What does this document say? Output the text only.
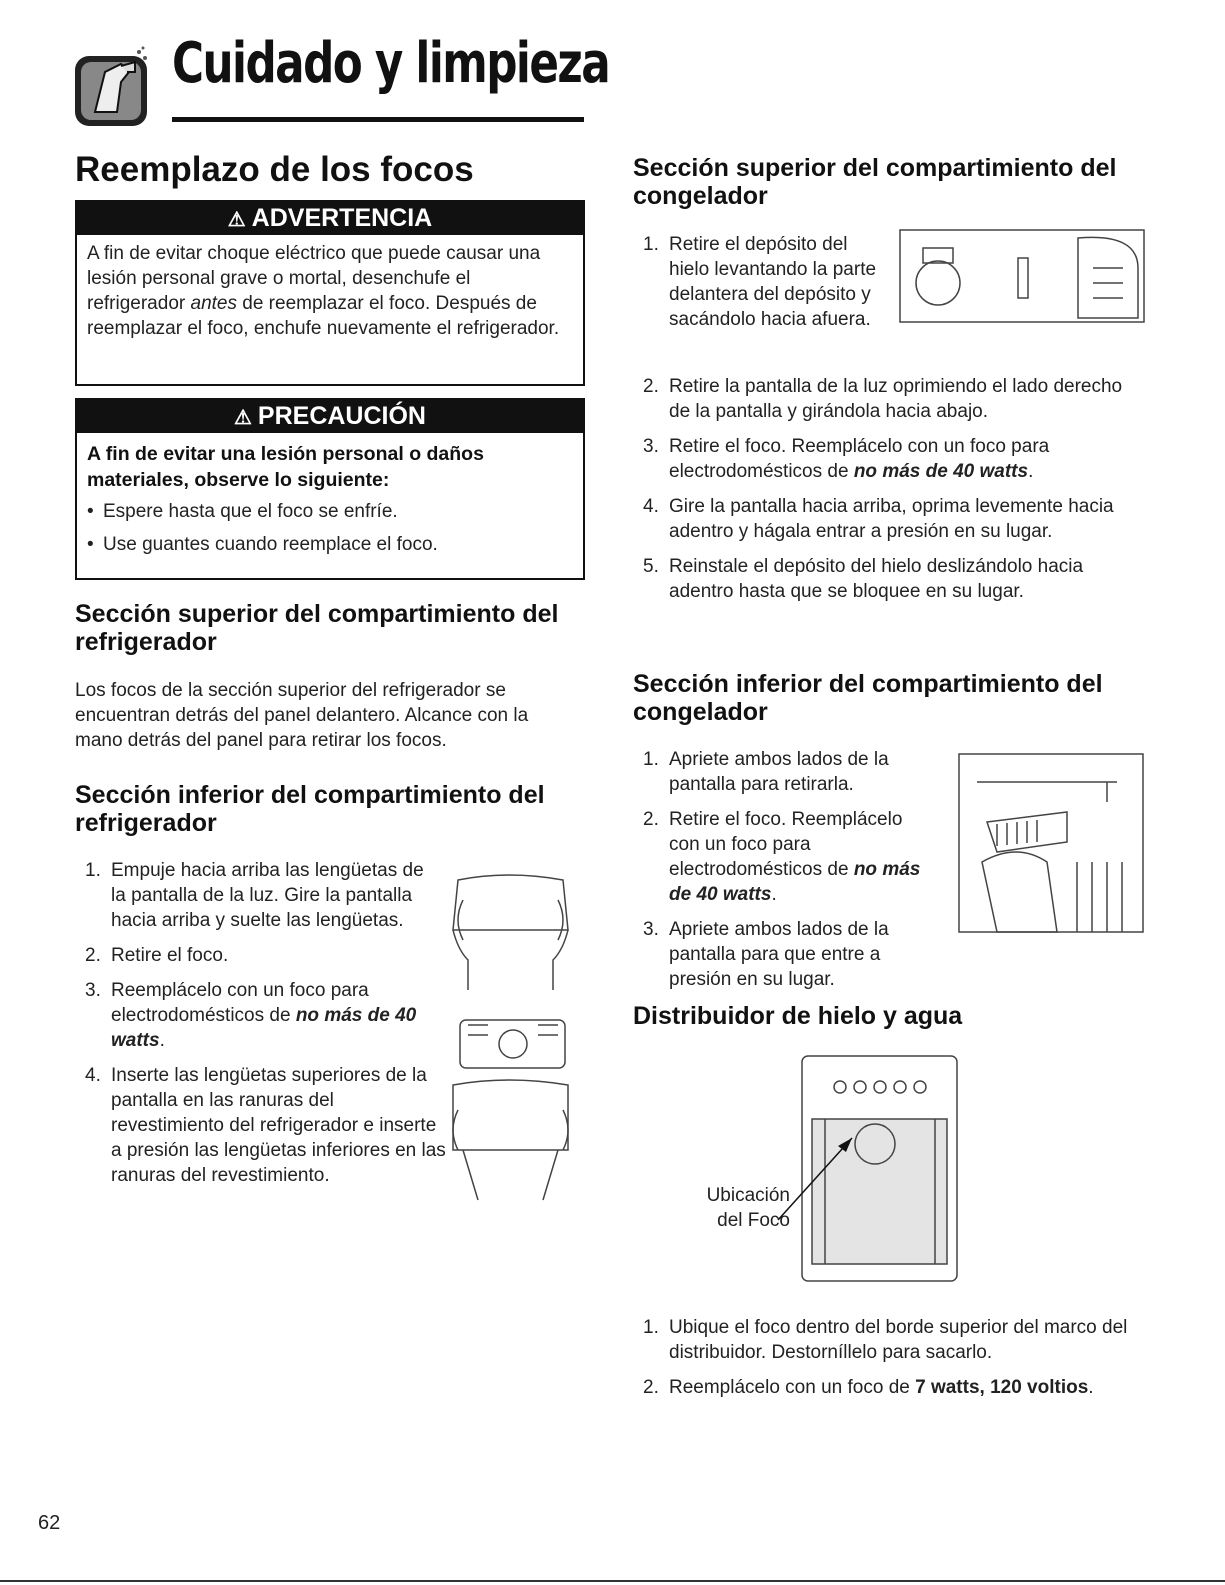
Cuidado y limpieza
Reemplazo de los focos
⚠ ADVERTENCIA
A fin de evitar choque eléctrico que puede causar una lesión personal grave o mortal, desenchufe el refrigerador antes de reemplazar el foco. Después de reemplazar el foco, enchufe nuevamente el refrigerador.
⚠ PRECAUCIÓN
A fin de evitar una lesión personal o daños materiales, observe lo siguiente:
• Espere hasta que el foco se enfríe.
• Use guantes cuando reemplace el foco.
Sección superior del compartimiento del refrigerador
Los focos de la sección superior del refrigerador se encuentran detrás del panel delantero. Alcance con la mano detrás del panel para retirar los focos.
Sección inferior del compartimiento del refrigerador
1. Empuje hacia arriba las lengüetas de la pantalla de la luz. Gire la pantalla hacia arriba y suelte las lengüetas.
2. Retire el foco.
3. Reemplácelo con un foco para electrodomésticos de no más de 40 watts.
4. Inserte las lengüetas superiores de la pantalla en las ranuras del revestimiento del refrigerador e inserte a presión las lengüetas inferiores en las ranuras del revestimiento.
Sección superior del compartimiento del congelador
1. Retire el depósito del hielo levantando la parte delantera del depósito y sacándolo hacia afuera.
2. Retire la pantalla de la luz oprimiendo el lado derecho de la pantalla y girándola hacia abajo.
3. Retire el foco. Reemplácelo con un foco para electrodomésticos de no más de 40 watts.
4. Gire la pantalla hacia arriba, oprima levemente hacia adentro y hágala entrar a presión en su lugar.
5. Reinstale el depósito del hielo deslizándolo hacia adentro hasta que se bloquee en su lugar.
Sección inferior del compartimiento del congelador
1. Apriete ambos lados de la pantalla para retirarla.
2. Retire el foco. Reemplácelo con un foco para electrodomésticos de no más de 40 watts.
3. Apriete ambos lados de la pantalla para que entre a presión en su lugar.
Distribuidor de hielo y agua
Ubicación
del Foco
1. Ubique el foco dentro del borde superior del marco del distribuidor. Destorníllelo para sacarlo.
2. Reemplácelo con un foco de 7 watts, 120 voltios.
62
